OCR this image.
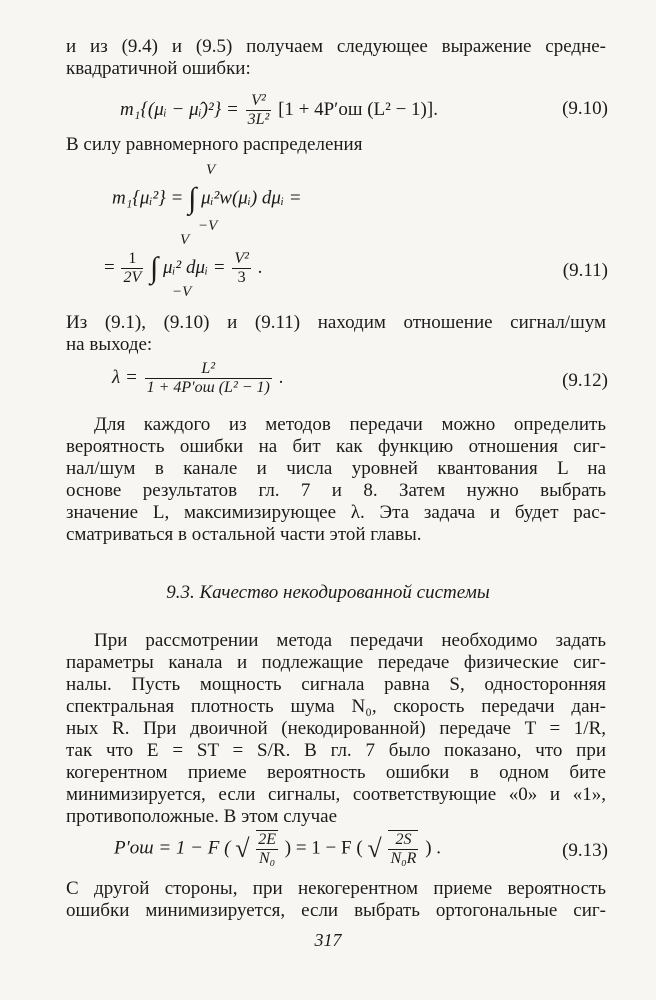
и из (9.4) и (9.5) получаем следующее выражение средне-
квадратичной ошибки:
m₁{(μᵢ − μ̂ᵢ)²} = $\frac{\text{V²}}{\text{3L²}} [1 + 4P'ош$ (L² − 1)].	(9.10)
В силу равномерного распределения
V
m₁{μᵢ²} = ∫ μᵢ²w(μᵢ) dμᵢ =
−V
V
= $\frac{1}{2V}$ ∫ μᵢ² dμᵢ = $\frac{\text{V²}}{3}$ .	(9.11)
−V
Из (9.1), (9.10) и (9.11) находим отношение сигнал/шум
на выходе:
$\lambda = \frac{\text{L²}}{\text{1 + 4P′ош (L² − 1)}}$ .	(9.12)
Для каждого из методов передачи можно определить
вероятность ошибки на бит как функцию отношения сиг-
нал/шум в канале и числа уровней квантования L на
основе результатов гл. 7 и 8. Затем нужно выбрать
значение L, максимизирующее λ. Эта задача и будет рас-
сматриваться в остальной части этой главы.
9.3. Качество некодированной системы
При рассмотрении метода передачи необходимо задать
параметры канала и подлежащие передаче физические сиг-
налы. Пусть мощность сигнала равна S, односторонняя
спектральная плотность шума N₀, скорость передачи дан-
ных R. При двоичной (некодированной) передаче T = 1/R,
так что E = ST = S/R. В гл. 7 было показано, что при
когерентном приеме вероятность ошибки в одном бите
минимизируется, если сигналы, соответствующие «0» и «1»,
противоположные. В этом случае
P′ош = 1 − F ( √ $\frac{2E}{\text{N₀}}$ ) = 1 − F ( √ $\frac{2S}{\text{N₀R}}$ ) .	(9.13)
С другой стороны, при некогерентном приеме вероятность
ошибки минимизируется, если выбрать ортогональные сиг-
317
